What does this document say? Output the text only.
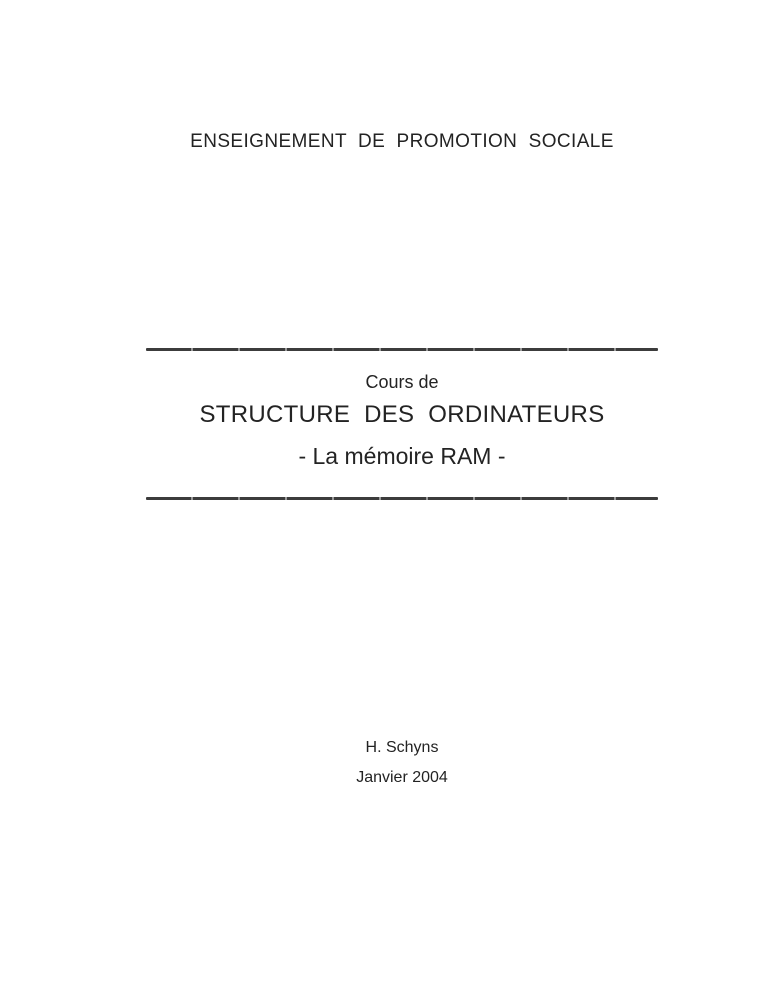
ENSEIGNEMENT  DE  PROMOTION  SOCIALE
Cours de
STRUCTURE  DES  ORDINATEURS
- La mémoire RAM -
H. Schyns
Janvier 2004
